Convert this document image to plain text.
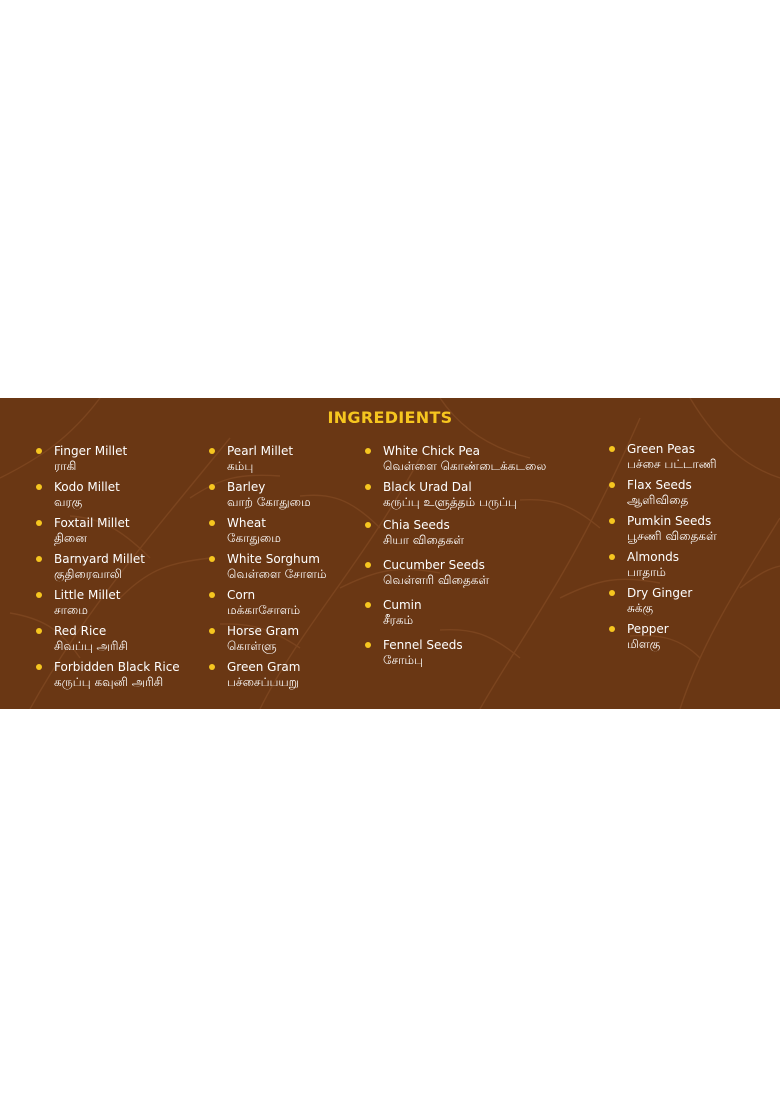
INGREDIENTS
Finger Millet
ராகி
Kodo Millet
வரகு
Foxtail Millet
தினை
Barnyard Millet
குதிரைவாலி
Little Millet
சாமை
Red Rice
சிவப்பு அரிசி
Forbidden Black Rice
கருப்பு கவுனி அரிசி
Pearl Millet
கம்பு
Barley
வாற் கோதுமை
Wheat
கோதுமை
White Sorghum
வெள்ளை சோளம்
Corn
மக்காசோளம்
Horse Gram
கொள்ளு
Green Gram
பச்சைப்பயறு
White Chick Pea
வெள்ளை கொண்டைக்கடலை
Black Urad Dal
கருப்பு உளுத்தம் பருப்பு
Chia Seeds
சியா விதைகள்
Cucumber Seeds
வெள்ளரி விதைகள்
Cumin
சீரகம்
Fennel Seeds
சோம்பு
Green Peas
பச்சை பட்டாணி
Flax Seeds
ஆளிவிதை
Pumkin Seeds
பூசணி விதைகள்
Almonds
பாதாம்
Dry Ginger
சுக்கு
Pepper
மிளகு
